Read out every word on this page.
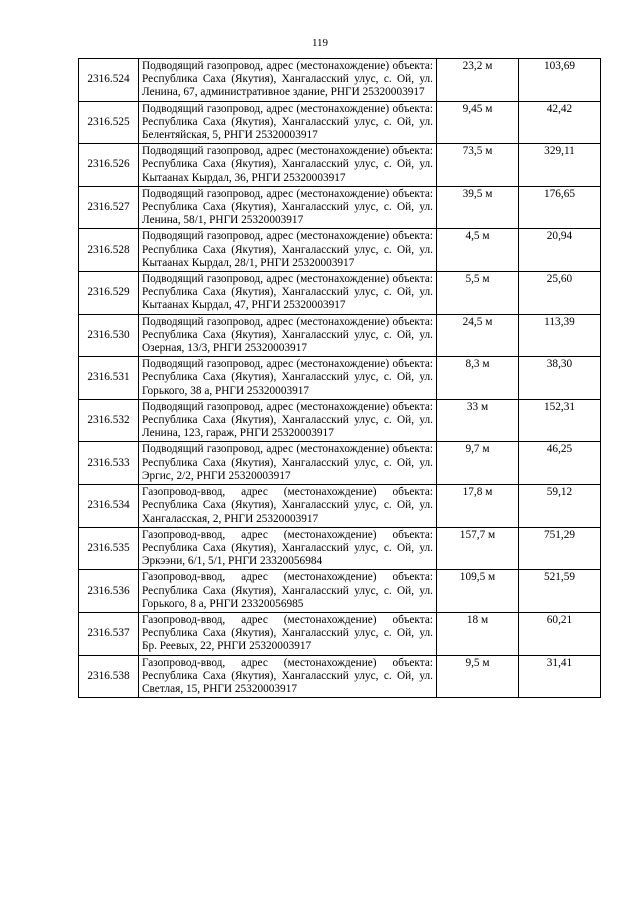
119
2316.524	Подводящий газопровод, адрес (местонахождение) объекта: Республика Саха (Якутия), Хангаласский улус, с. Ой, ул. Ленина, 67, административное здание, РНГИ 25320003917	23,2 м	103,69
2316.525	Подводящий газопровод, адрес (местонахождение) объекта: Республика Саха (Якутия), Хангаласский улус, с. Ой, ул. Белентяйская, 5, РНГИ 25320003917	9,45 м	42,42
2316.526	Подводящий газопровод, адрес (местонахождение) объекта: Республика Саха (Якутия), Хангаласский улус, с. Ой, ул. Кытаанах Кырдал, 36, РНГИ 25320003917	73,5 м	329,11
2316.527	Подводящий газопровод, адрес (местонахождение) объекта: Республика Саха (Якутия), Хангаласский улус, с. Ой, ул. Ленина, 58/1, РНГИ 25320003917	39,5 м	176,65
2316.528	Подводящий газопровод, адрес (местонахождение) объекта: Республика Саха (Якутия), Хангаласский улус, с. Ой, ул. Кытаанах Кырдал, 28/1, РНГИ 25320003917	4,5 м	20,94
2316.529	Подводящий газопровод, адрес (местонахождение) объекта: Республика Саха (Якутия), Хангаласский улус, с. Ой, ул. Кытаанах Кырдал, 47, РНГИ 25320003917	5,5 м	25,60
2316.530	Подводящий газопровод, адрес (местонахождение) объекта: Республика Саха (Якутия), Хангаласский улус, с. Ой, ул. Озерная, 13/3, РНГИ 25320003917	24,5 м	113,39
2316.531	Подводящий газопровод, адрес (местонахождение) объекта: Республика Саха (Якутия), Хангаласский улус, с. Ой, ул. Горького, 38 а, РНГИ 25320003917	8,3 м	38,30
2316.532	Подводящий газопровод, адрес (местонахождение) объекта: Республика Саха (Якутия), Хангаласский улус, с. Ой, ул. Ленина, 123, гараж, РНГИ 25320003917	33 м	152,31
2316.533	Подводящий газопровод, адрес (местонахождение) объекта: Республика Саха (Якутия), Хангаласский улус, с. Ой, ул. Эргис, 2/2, РНГИ 25320003917	9,7 м	46,25
2316.534	Газопровод-ввод, адрес (местонахождение) объекта: Республика Саха (Якутия), Хангаласский улус, с. Ой, ул. Хангаласская, 2, РНГИ 25320003917	17,8 м	59,12
2316.535	Газопровод-ввод, адрес (местонахождение) объекта: Республика Саха (Якутия), Хангаласский улус, с. Ой, ул. Эркээни, 6/1, 5/1, РНГИ 23320056984	157,7 м	751,29
2316.536	Газопровод-ввод, адрес (местонахождение) объекта: Республика Саха (Якутия), Хангаласский улус, с. Ой, ул. Горького, 8 а, РНГИ 23320056985	109,5 м	521,59
2316.537	Газопровод-ввод, адрес (местонахождение) объекта: Республика Саха (Якутия), Хангаласский улус, с. Ой, ул. Бр. Реевых, 22, РНГИ 25320003917	18 м	60,21
2316.538	Газопровод-ввод, адрес (местонахождение) объекта: Республика Саха (Якутия), Хангаласский улус, с. Ой, ул. Светлая, 15, РНГИ 25320003917	9,5 м	31,41
